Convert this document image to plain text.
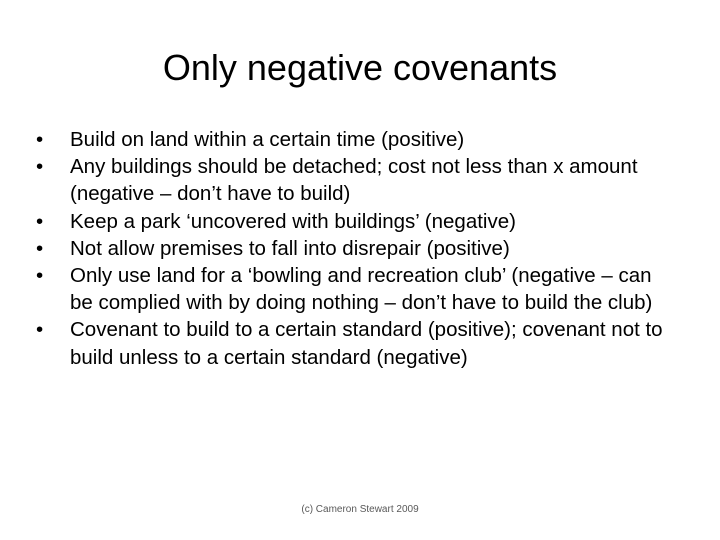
Only negative covenants
•	Build on land within a certain time (positive)
•	Any buildings should be detached; cost not less than x amount (negative – don’t have to build)
•	Keep a park ‘uncovered with buildings’ (negative)
•	Not allow premises to fall into disrepair (positive)
•	Only use land for a ‘bowling and recreation club’ (negative – can be complied with by doing nothing – don’t have to build the club)
•	Covenant to build to a certain standard (positive); covenant not to build unless to a certain standard (negative)
(c) Cameron Stewart 2009
